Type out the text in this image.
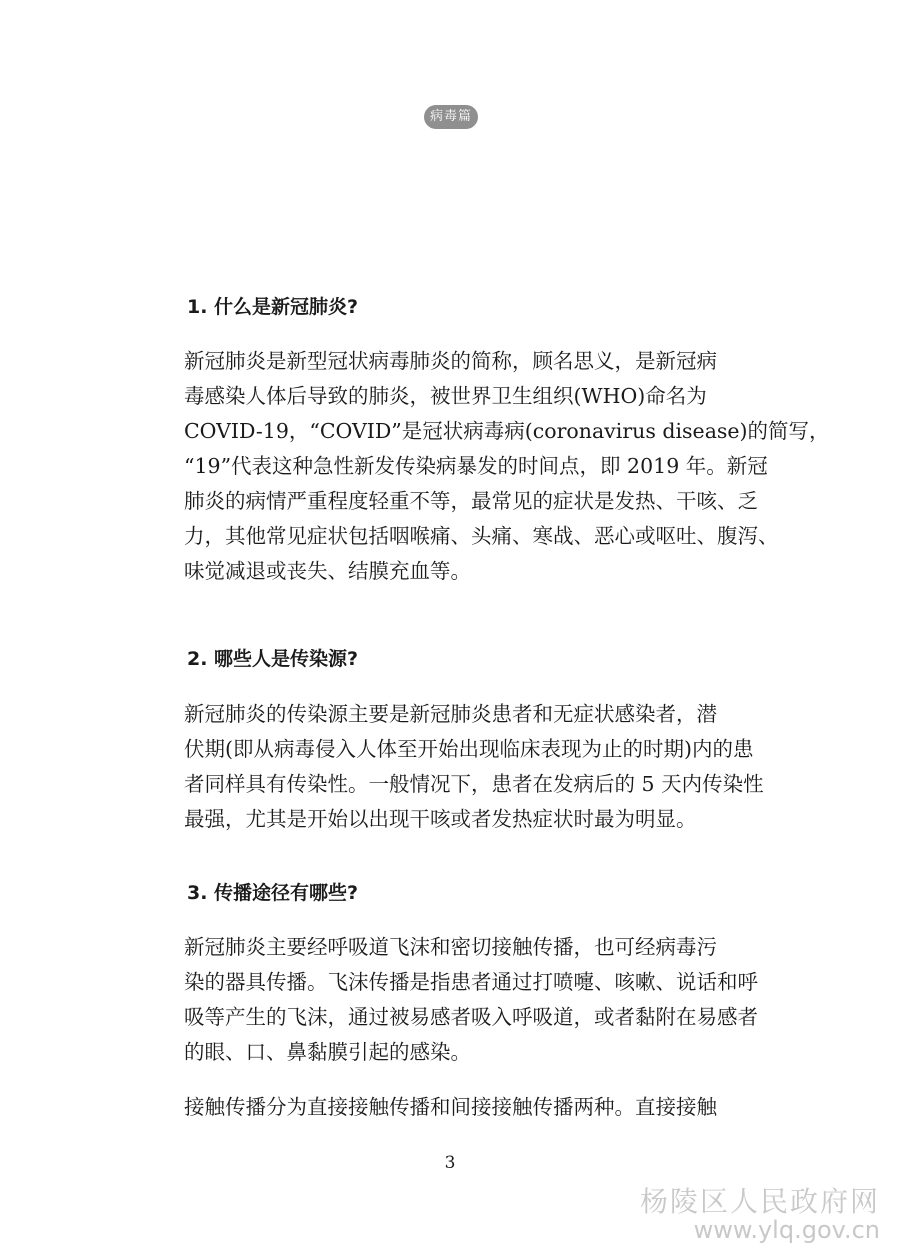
病毒篇
1. 什么是新冠肺炎?

新冠肺炎是新型冠状病毒肺炎的简称，顾名思义，是新冠病
毒感染人体后导致的肺炎，被世界卫生组织(WHO)命名为
COVID-19，“COVID”是冠状病毒病(coronavirus disease)的简写，
“19”代表这种急性新发传染病暴发的时间点，即 2019 年。新冠
肺炎的病情严重程度轻重不等，最常见的症状是发热、干咳、乏
力，其他常见症状包括咽喉痛、头痛、寒战、恶心或呕吐、腹泻、
味觉减退或丧失、结膜充血等。

2. 哪些人是传染源?

新冠肺炎的传染源主要是新冠肺炎患者和无症状感染者，潜
伏期(即从病毒侵入人体至开始出现临床表现为止的时期)内的患
者同样具有传染性。一般情况下，患者在发病后的 5 天内传染性
最强，尤其是开始以出现干咳或者发热症状时最为明显。

3. 传播途径有哪些?

新冠肺炎主要经呼吸道飞沫和密切接触传播，也可经病毒污
染的器具传播。飞沫传播是指患者通过打喷嚏、咳嗽、说话和呼
吸等产生的飞沫，通过被易感者吸入呼吸道，或者黏附在易感者
的眼、口、鼻黏膜引起的感染。

接触传播分为直接接触传播和间接接触传播两种。直接接触

3
杨陵区人民政府网
www.ylq.gov.cn
